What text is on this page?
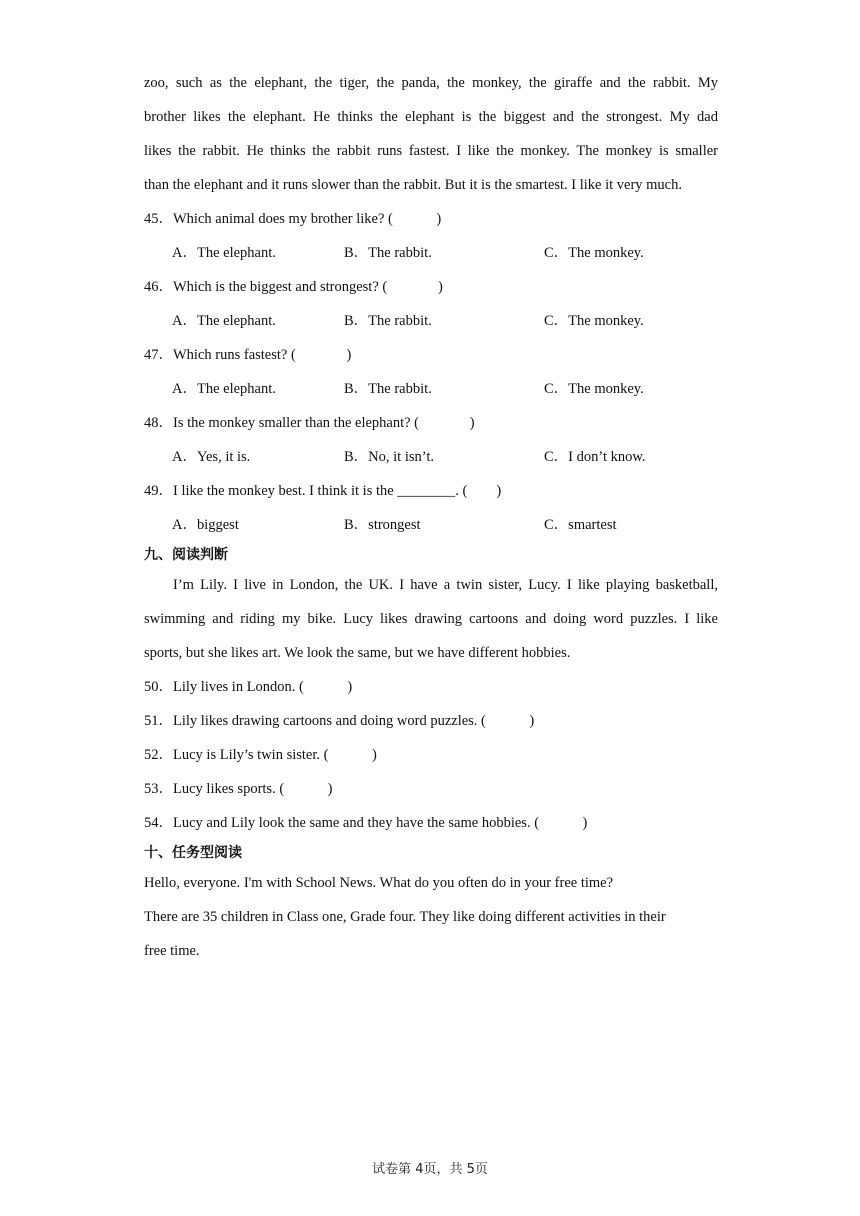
zoo, such as the elephant, the tiger, the panda, the monkey, the giraffe and the rabbit. My

brother likes the elephant. He thinks the elephant is the biggest and the strongest. My dad

likes the rabbit. He thinks the rabbit runs fastest. I like the monkey. The monkey is smaller

than the elephant and it runs slower than the rabbit. But it is the smartest. I like it very much.

45．Which animal does my brother like? (            )

A．The elephant.	B．The rabbit.	C．The monkey.

46．Which is the biggest and strongest? (              )

A．The elephant.	B．The rabbit.	C．The monkey.

47．Which runs fastest? (              )

A．The elephant.	B．The rabbit.	C．The monkey.

48．Is the monkey smaller than the elephant? (              )

A．Yes, it is.	B．No, it isn’t.	C．I don’t know.

49．I like the monkey best. I think it is the ________. (        )

A．biggest	B．strongest	C．smartest

九、阅读判断

I’m Lily. I live in London, the UK. I have a twin sister, Lucy. I like playing basketball,

swimming and riding my bike. Lucy likes drawing cartoons and doing word puzzles. I like

sports, but she likes art. We look the same, but we have different hobbies.

50．Lily lives in London. (            )

51．Lily likes drawing cartoons and doing word puzzles. (            )

52．Lucy is Lily’s twin sister. (            )

53．Lucy likes sports. (            )

54．Lucy and Lily look the same and they have the same hobbies. (            )

十、任务型阅读

Hello, everyone. I'm with School News. What do you often do in your free time?

There are 35 children in Class one, Grade four. They like doing different activities in their

free time.

试卷第 4页，共 5页
